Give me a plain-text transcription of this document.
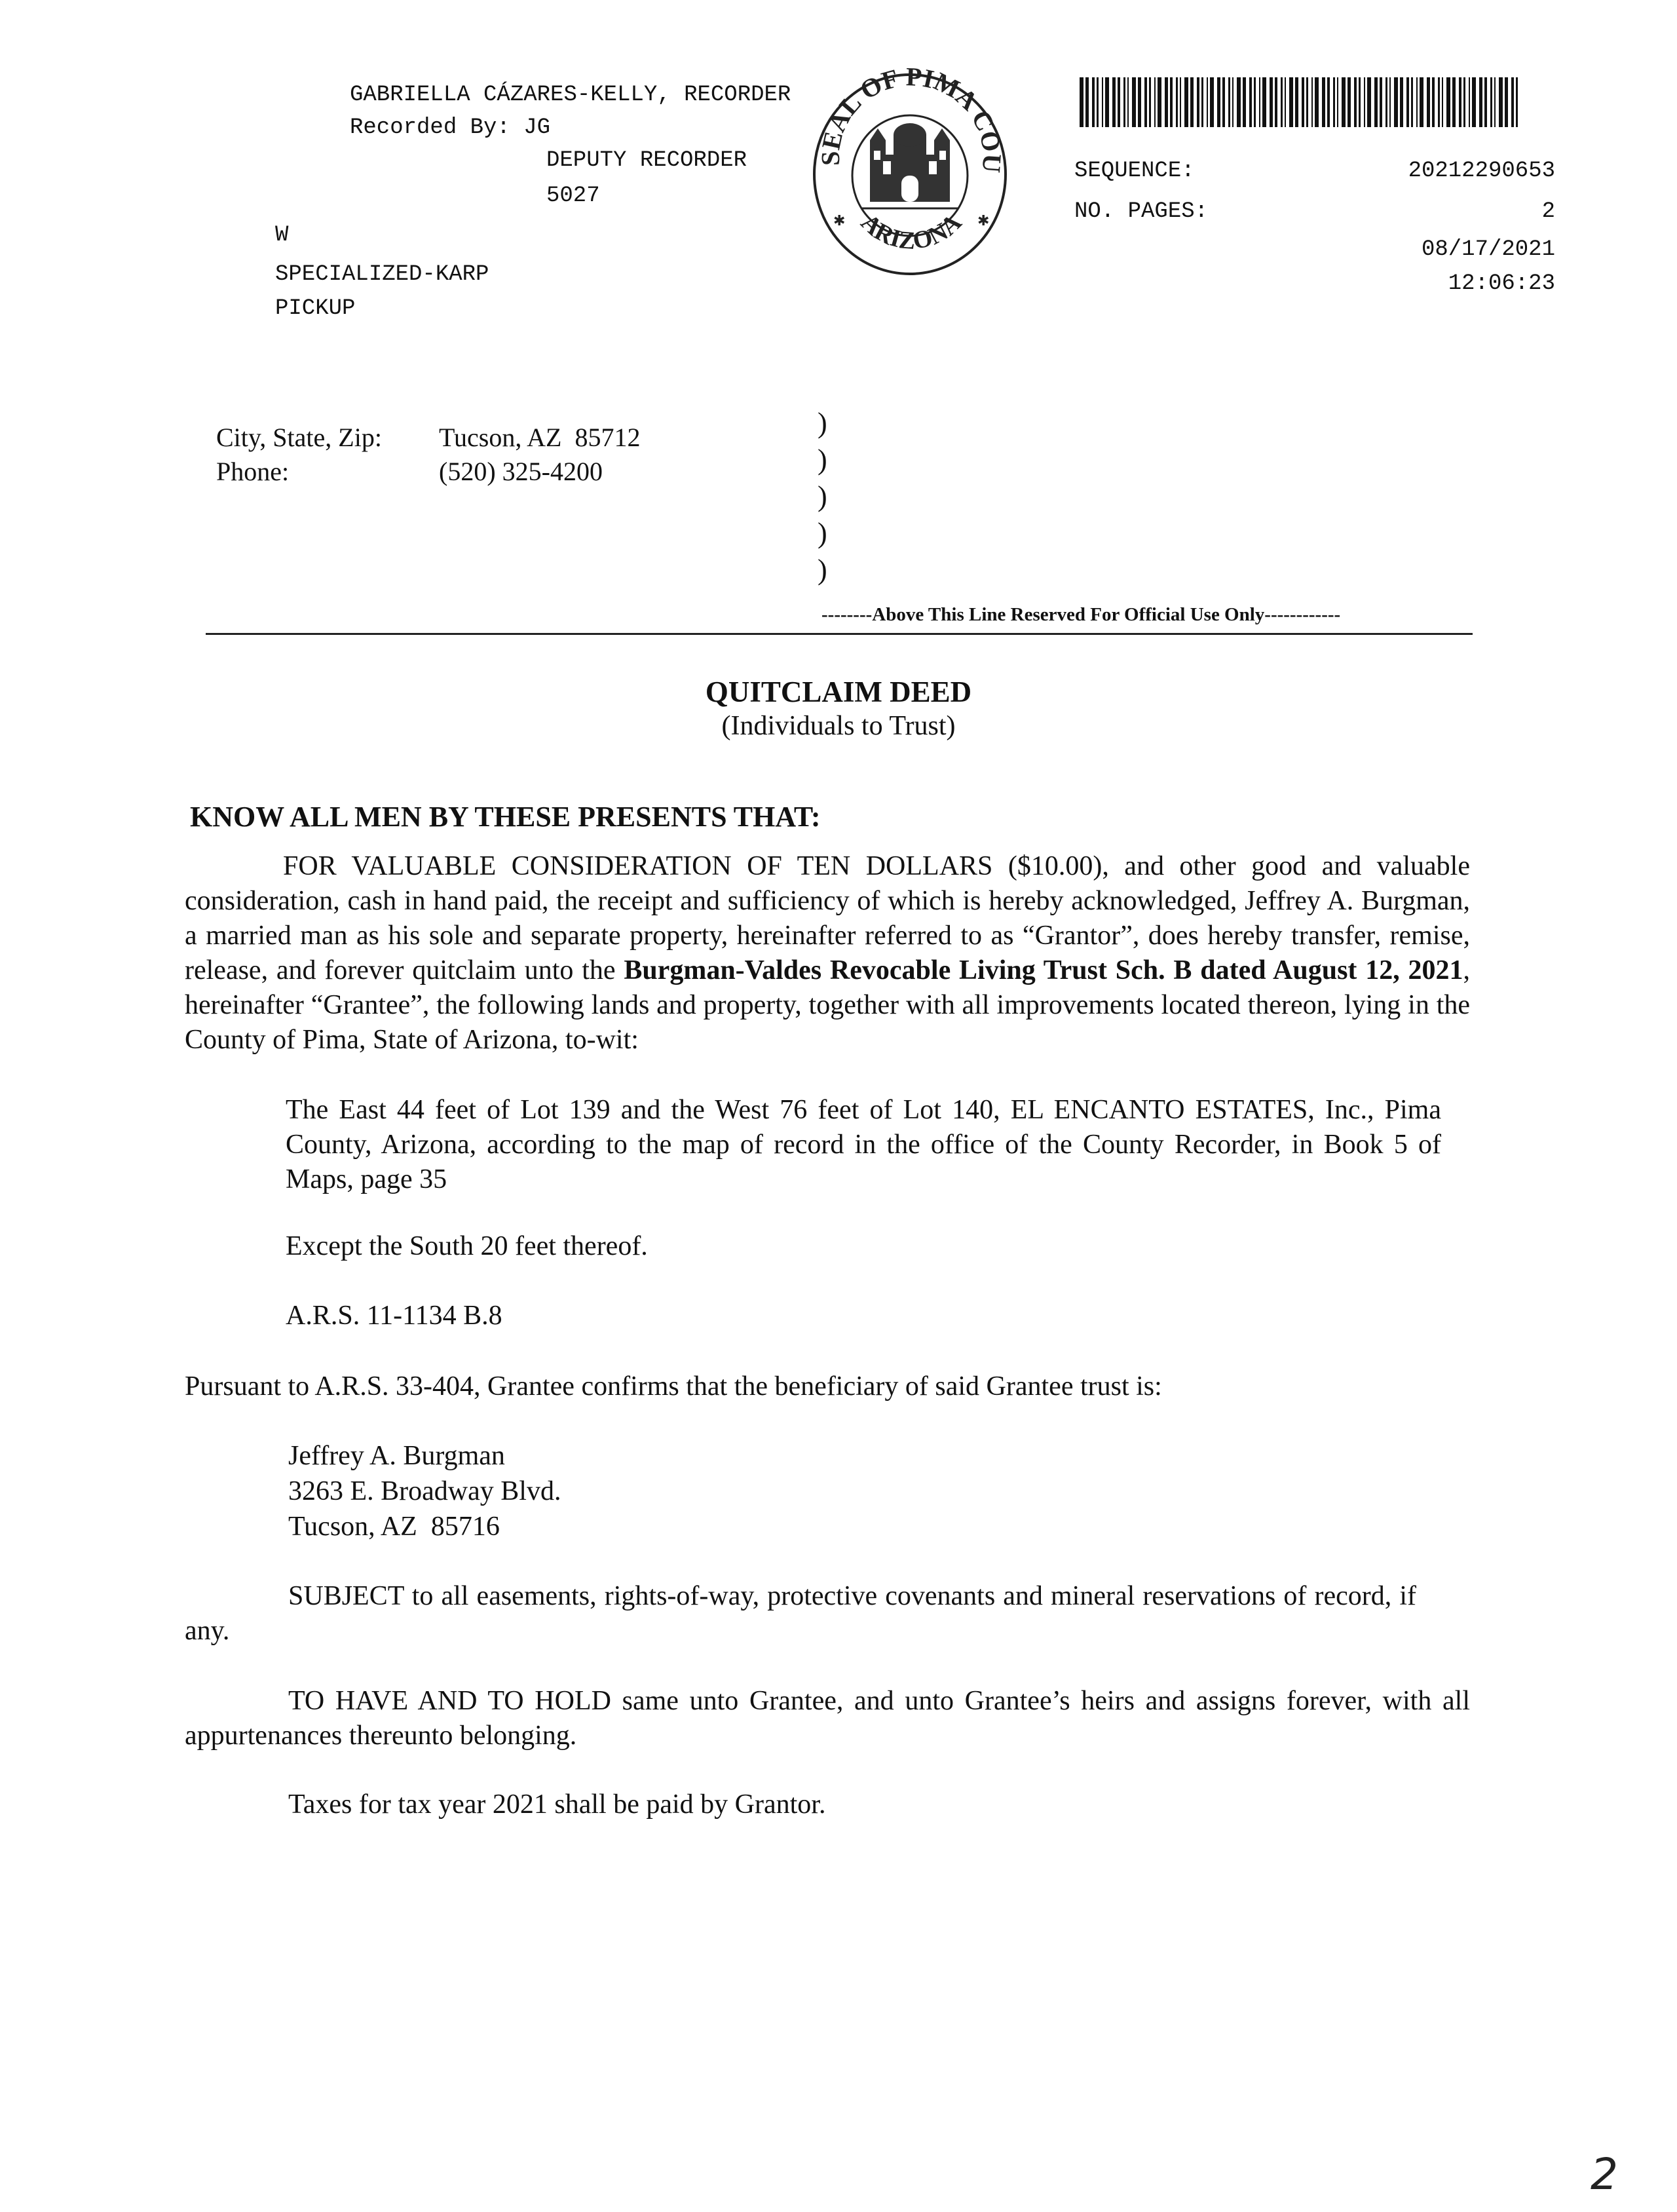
GABRIELLA CÁZARES-KELLY, RECORDER
Recorded By: JG
DEPUTY RECORDER
5027
W
SPECIALIZED-KARP
PICKUP
SEAL OF PIMA COU
ARIZONA
✱	✱
SEQUENCE:	20212290653
NO. PAGES:	2
08/17/2021
12:06:23
City, State, Zip: Tucson, AZ  85712
Phone:	(520) 325-4200
)
)
)
)
)
--------Above This Line Reserved For Official Use Only------------
QUITCLAIM DEED
(Individuals to Trust)
KNOW ALL MEN BY THESE PRESENTS THAT:
FOR VALUABLE CONSIDERATION OF TEN DOLLARS ($10.00), and other good and valuable consideration, cash in hand paid, the receipt and sufficiency of which is hereby acknowledged, Jeffrey A. Burgman, a married man as his sole and separate property, hereinafter referred to as “Grantor”, does hereby transfer, remise, release, and forever quitclaim unto the Burgman-Valdes Revocable Living Trust Sch. B dated August 12, 2021, hereinafter “Grantee”, the following lands and property, together with all improvements located thereon, lying in the County of Pima, State of Arizona, to-wit:
The East 44 feet of Lot 139 and the West 76 feet of Lot 140, EL ENCANTO ESTATES, Inc., Pima County, Arizona, according to the map of record in the office of the County Recorder, in Book 5 of Maps, page 35
Except the South 20 feet thereof.
A.R.S. 11-1134 B.8
Pursuant to A.R.S. 33-404, Grantee confirms that the beneficiary of said Grantee trust is:
Jeffrey A. Burgman
3263 E. Broadway Blvd.
Tucson, AZ  85716
SUBJECT to all easements, rights-of-way, protective covenants and mineral reservations of record, if any.
TO HAVE AND TO HOLD same unto Grantee, and unto Grantee’s heirs and assigns forever, with all appurtenances thereunto belonging.
Taxes for tax year 2021 shall be paid by Grantor.
2
